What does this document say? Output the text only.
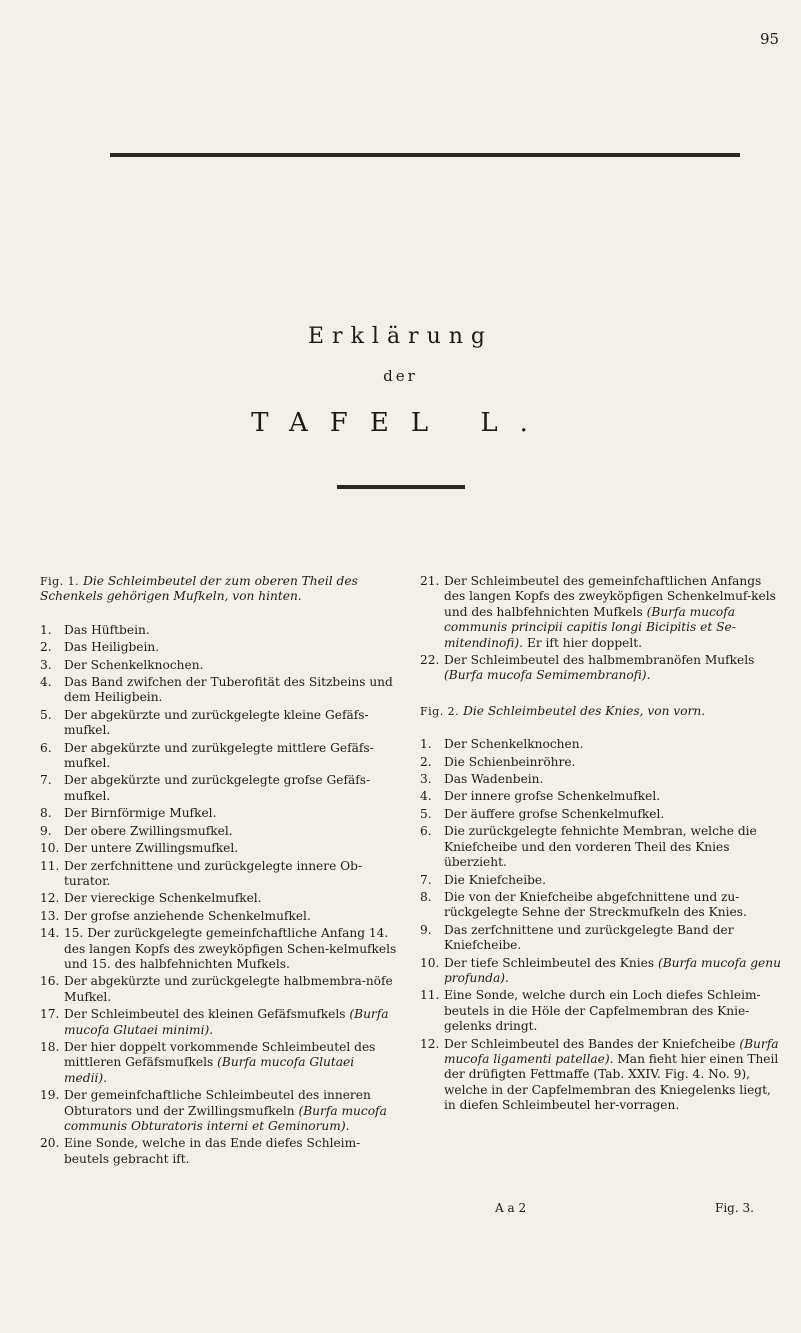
95
Erklärung
der
TAFEL L.
Fig. 1. Die Schleimbeutel der zum oberen Theil des Schenkels gehörigen Mufkeln, von hinten.
1.	Das Hüftbein.
2.	Das Heiligbein.
3.	Der Schenkelknochen.
4.	Das Band zwifchen der Tuberofität des Sitzbeins und dem Heiligbein.
5.	Der abgekürzte und zurückgelegte kleine Gefäfs-mufkel.
6.	Der abgekürzte und zurükgelegte mittlere Gefäfs-mufkel.
7.	Der abgekürzte und zurückgelegte grofse Gefäfs-mufkel.
8.	Der Birnförmige Mufkel.
9.	Der obere Zwillingsmufkel.
10. Der untere Zwillingsmufkel.
11. Der zerfchnittene und zurückgelegte innere Ob-turator.
12. Der viereckige Schenkelmufkel.
13. Der grofse anziehende Schenkelmufkel.
14. 15. Der zurückgelegte gemeinfchaftliche Anfang 14. des langen Kopfs des zweyköpfigen Schen-kelmufkels und 15. des halbfehnichten Mufkels.
16. Der abgekürzte und zurückgelegte halbmembra-nöfe Mufkel.
17. Der Schleimbeutel des kleinen Gefäfsmufkels (Burfa mucofa Glutaei minimi).
18. Der hier doppelt vorkommende Schleimbeutel des mittleren Gefäfsmufkels (Burfa mucofa Glutaei medii).
19. Der gemeinfchaftliche Schleimbeutel des inneren Obturators und der Zwillingsmufkeln (Burfa mucofa communis Obturatoris interni et Geminorum).
20. Eine Sonde, welche in das Ende diefes Schleim-beutels gebracht ift.
21. Der Schleimbeutel des gemeinfchaftlichen Anfangs des langen Kopfs des zweyköpfigen Schenkelmuf-kels und des halbfehnichten Mufkels (Burfa mucofa communis principii capitis longi Bicipitis et Se-mitendinofi). Er ift hier doppelt.
22. Der Schleimbeutel des halbmembranöfen Mufkels (Burfa mucofa Semimembranofi).
Fig. 2. Die Schleimbeutel des Knies, von vorn.
1.	Der Schenkelknochen.
2.	Die Schienbeinröhre.
3.	Das Wadenbein.
4.	Der innere grofse Schenkelmufkel.
5.	Der äuffere grofse Schenkelmufkel.
6.	Die zurückgelegte fehnichte Membran, welche die Kniefcheibe und den vorderen Theil des Knies überzieht.
7.	Die Kniefcheibe.
8.	Die von der Kniefcheibe abgefchnittene und zu-rückgelegte Sehne der Streckmufkeln des Knies.
9.	Das zerfchnittene und zurückgelegte Band der Kniefcheibe.
10. Der tiefe Schleimbeutel des Knies (Burfa mucofa genu profunda).
11. Eine Sonde, welche durch ein Loch diefes Schleim-beutels in die Höle der Capfelmembran des Knie-gelenks dringt.
12. Der Schleimbeutel des Bandes der Kniefcheibe (Burfa mucofa ligamenti patellae). Man fieht hier einen Theil der drüfigten Fettmaffe (Tab. XXIV. Fig. 4. No. 9), welche in der Capfelmembran des Kniegelenks liegt, in diefen Schleimbeutel her-vorragen.
A a 2	Fig. 3.
